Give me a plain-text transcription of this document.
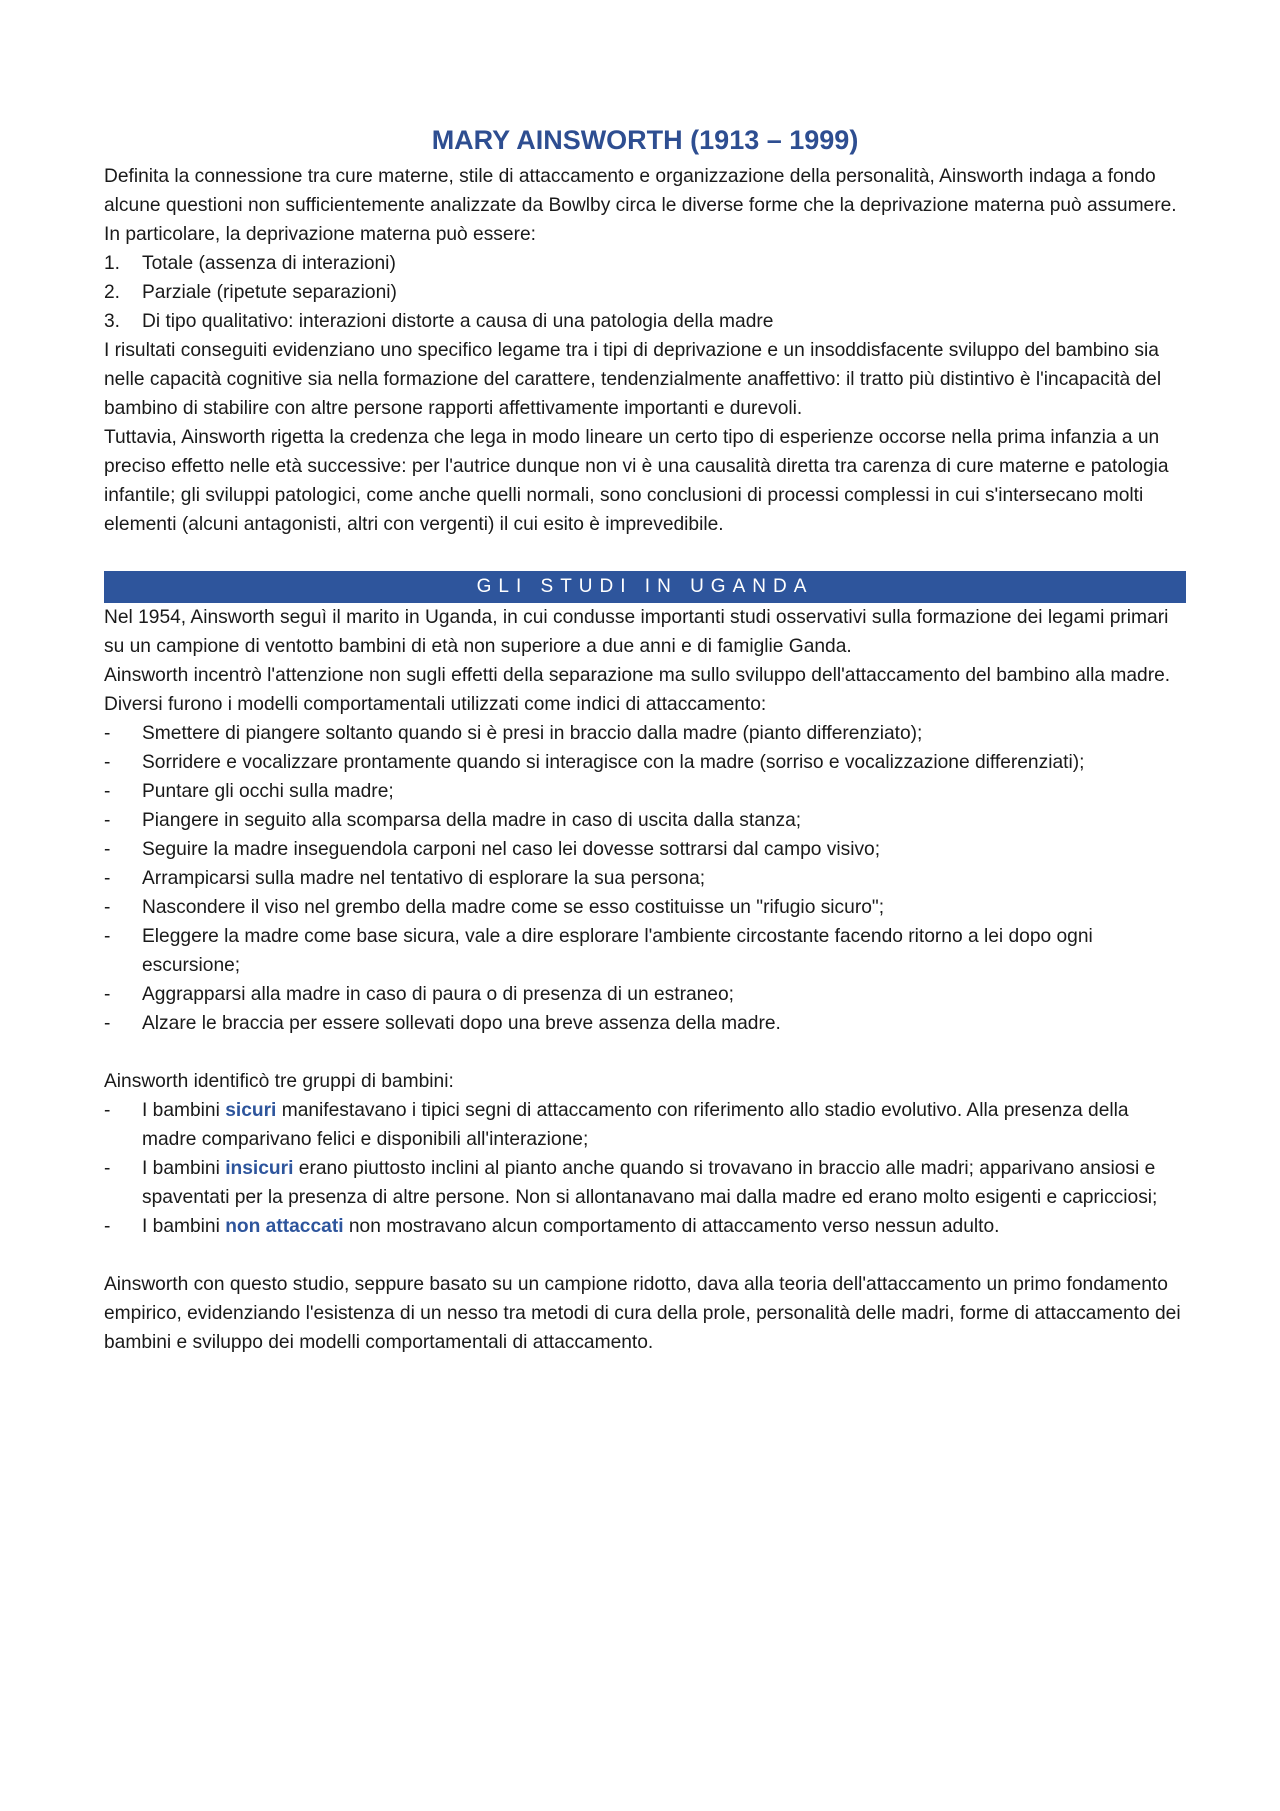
MARY AINSWORTH (1913 – 1999)

Definita la connessione tra cure materne, stile di attaccamento e organizzazione della personalità, Ainsworth indaga a fondo alcune questioni non sufficientemente analizzate da Bowlby circa le diverse forme che la deprivazione materna può assumere. In particolare, la deprivazione materna può essere:

1. Totale (assenza di interazioni)
2. Parziale (ripetute separazioni)
3. Di tipo qualitativo: interazioni distorte a causa di una patologia della madre

I risultati conseguiti evidenziano uno specifico legame tra i tipi di deprivazione e un insoddisfacente sviluppo del bambino sia nelle capacità cognitive sia nella formazione del carattere, tendenzialmente anaffettivo: il tratto più distintivo è l'incapacità del bambino di stabilire con altre persone rapporti affettivamente importanti e durevoli.

Tuttavia, Ainsworth rigetta la credenza che lega in modo lineare un certo tipo di esperienze occorse nella prima infanzia a un preciso effetto nelle età successive: per l'autrice dunque non vi è una causalità diretta tra carenza di cure materne e patologia infantile; gli sviluppi patologici, come anche quelli normali, sono conclusioni di processi complessi in cui s'intersecano molti elementi (alcuni antagonisti, altri con vergenti) il cui esito è imprevedibile.

GLI STUDI IN UGANDA

Nel 1954, Ainsworth seguì il marito in Uganda, in cui condusse importanti studi osservativi sulla formazione dei legami primari su un campione di ventotto bambini di età non superiore a due anni e di famiglie Ganda.

Ainsworth incentrò l'attenzione non sugli effetti della separazione ma sullo sviluppo dell'attaccamento del bambino alla madre.

Diversi furono i modelli comportamentali utilizzati come indici di attaccamento:

- Smettere di piangere soltanto quando si è presi in braccio dalla madre (pianto differenziato);
- Sorridere e vocalizzare prontamente quando si interagisce con la madre (sorriso e vocalizzazione differenziati);
- Puntare gli occhi sulla madre;
- Piangere in seguito alla scomparsa della madre in caso di uscita dalla stanza;
- Seguire la madre inseguendola carponi nel caso lei dovesse sottrarsi dal campo visivo;
- Arrampicarsi sulla madre nel tentativo di esplorare la sua persona;
- Nascondere il viso nel grembo della madre come se esso costituisse un "rifugio sicuro";
- Eleggere la madre come base sicura, vale a dire esplorare l'ambiente circostante facendo ritorno a lei dopo ogni escursione;
- Aggrapparsi alla madre in caso di paura o di presenza di un estraneo;
- Alzare le braccia per essere sollevati dopo una breve assenza della madre.

Ainsworth identificò tre gruppi di bambini:

- I bambini sicuri manifestavano i tipici segni di attaccamento con riferimento allo stadio evolutivo. Alla presenza della madre comparivano felici e disponibili all'interazione;
- I bambini insicuri erano piuttosto inclini al pianto anche quando si trovavano in braccio alle madri; apparivano ansiosi e spaventati per la presenza di altre persone. Non si allontanavano mai dalla madre ed erano molto esigenti e capricciosi;
- I bambini non attaccati non mostravano alcun comportamento di attaccamento verso nessun adulto.

Ainsworth con questo studio, seppure basato su un campione ridotto, dava alla teoria dell'attaccamento un primo fondamento empirico, evidenziando l'esistenza di un nesso tra metodi di cura della prole, personalità delle madri, forme di attaccamento dei bambini e sviluppo dei modelli comportamentali di attaccamento.
